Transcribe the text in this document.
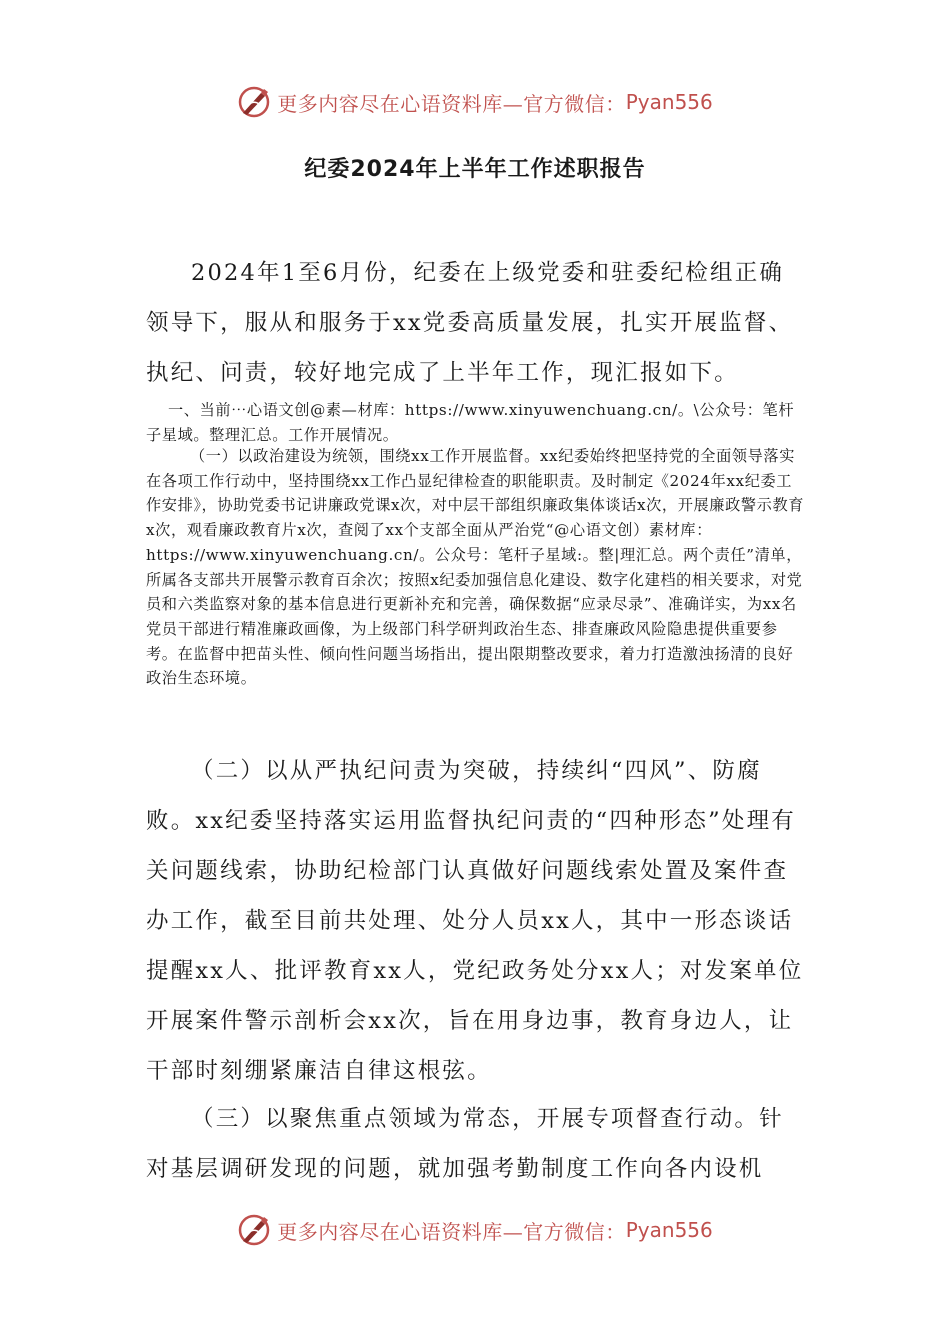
更多内容尽在心语资料库—官方微信： Pyan556
纪委2024年上半年工作述职报告

2024年1至6月份，纪委在上级党委和驻委纪检组正确领导下，服从和服务于xx党委高质量发展，扎实开展监督、执纪、问责，较好地完成了上半年工作，现汇报如下。

一、当前⋯心语文创@素—材库：https://www.xinyuwenchuang.cn/。\公众号：笔杆子星域。整理汇总。工作开展情况。

（一）以政治建设为统领，围绕xx工作开展监督。xx纪委始终把坚持党的全面领导落实在各项工作行动中，坚持围绕xx工作凸显纪律检查的职能职责。及时制定《2024年xx纪委工作安排》，协助党委书记讲廉政党课x次，对中层干部组织廉政集体谈话x次，开展廉政警示教育x次，观看廉政教育片x次，查阅了xx个支部全面从严治党“@心语文创）素材库：https://www.xinyuwenchuang.cn/。公众号：笔杆子星域:。整|理汇总。两个责任”清单，所属各支部共开展警示教育百余次；按照x纪委加强信息化建设、数字化建档的相关要求，对党员和六类监察对象的基本信息进行更新补充和完善，确保数据“应录尽录”、准确详实，为xx名党员干部进行精准廉政画像，为上级部门科学研判政治生态、排查廉政风险隐患提供重要参考。在监督中把苗头性、倾向性问题当场指出，提出限期整改要求，着力打造激浊扬清的良好政治生态环境。

（二）以从严执纪问责为突破，持续纠“四风”、防腐败。xx纪委坚持落实运用监督执纪问责的“四种形态”处理有关问题线索，协助纪检部门认真做好问题线索处置及案件查办工作，截至目前共处理、处分人员xx人，其中一形态谈话提醒xx人、批评教育xx人，党纪政务处分xx人；对发案单位开展案件警示剖析会xx次，旨在用身边事，教育身边人，让干部时刻绷紧廉洁自律这根弦。

（三）以聚焦重点领域为常态，开展专项督查行动。针对基层调研发现的问题，就加强考勤制度工作向各内设机

更多内容尽在心语资料库—官方微信： Pyan556
